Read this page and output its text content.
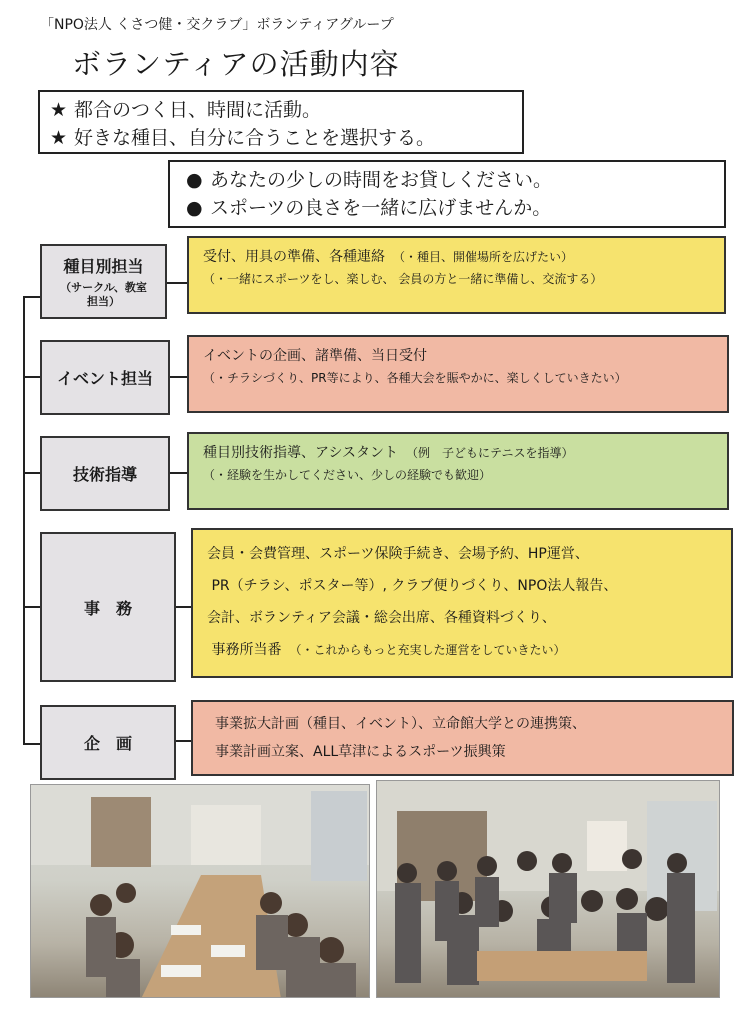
「NPO法人 くさつ健・交クラブ」ボランティアグループ
ボランティアの活動内容
★ 都合のつく日、時間に活動。
★ 好きな種目、自分に合うことを選択する。
● あなたの少しの時間をお貸しください。
● スポーツの良さを一緒に広げませんか。
種目別担当
（サークル、教室
担当）
受付、用具の準備、各種連絡　 （・種目、開催場所を広げたい）
（・一緒にスポーツをし、楽しむ、 会員の方と一緒に準備し、交流する）
イベント担当
イベントの企画、諸準備、当日受付
（・チラシづくり、PR等により、各種大会を賑やかに、楽しくしていきたい）
技術指導
種目別技術指導、アシスタント　 （例　子どもにテニスを指導）
（・経験を生かしてください、少しの経験でも歓迎）
事　務
会員・会費管理、スポーツ保険手続き、会場予約、HP運営、
PR（チラシ、ポスター等）, クラブ便りづくり、NPO法人報告、
会計、ボランティア会議・総会出席、各種資料づくり、
事務所当番　 （・これからもっと充実した運営をしていきたい）
企　画
事業拡大計画（種目、イベント）、立命館大学との連携策、
事業計画立案、ALL草津によるスポーツ振興策
